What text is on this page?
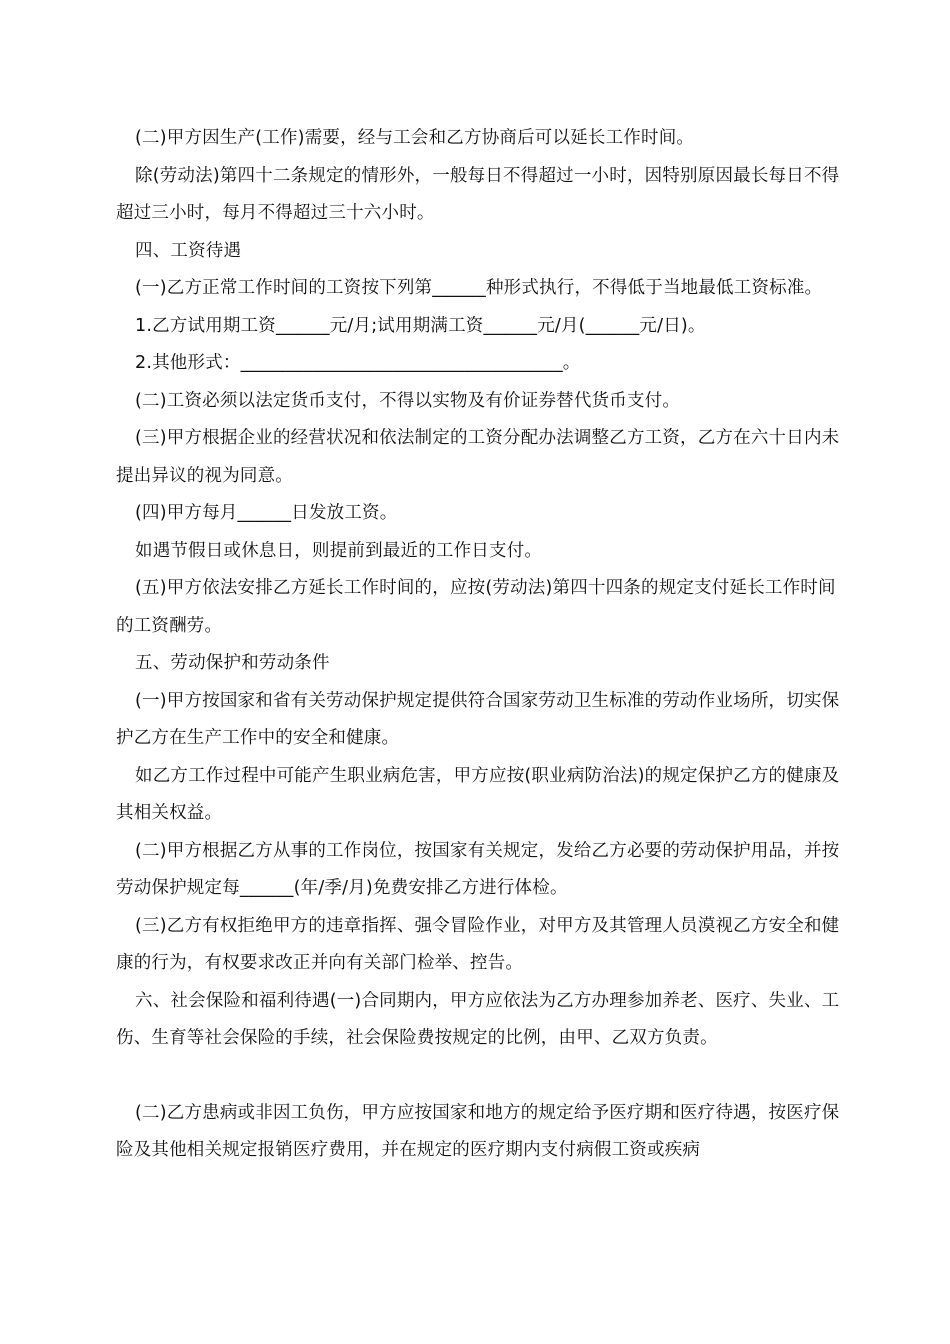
(二)甲方因生产(工作)需要，经与工会和乙方协商后可以延长工作时间。

除(劳动法)第四十二条规定的情形外，一般每日不得超过一小时，因特别原因最长每日不得超过三小时，每月不得超过三十六小时。

四、工资待遇

(一)乙方正常工作时间的工资按下列第______种形式执行，不得低于当地最低工资标准。

1.乙方试用期工资______元/月;试用期满工资______元/月(______元/日)。

2.其他形式：____________________________________。

(二)工资必须以法定货币支付，不得以实物及有价证券替代货币支付。

(三)甲方根据企业的经营状况和依法制定的工资分配办法调整乙方工资，乙方在六十日内未提出异议的视为同意。

(四)甲方每月______日发放工资。

如遇节假日或休息日，则提前到最近的工作日支付。

(五)甲方依法安排乙方延长工作时间的，应按(劳动法)第四十四条的规定支付延长工作时间的工资酬劳。

五、劳动保护和劳动条件

(一)甲方按国家和省有关劳动保护规定提供符合国家劳动卫生标准的劳动作业场所，切实保护乙方在生产工作中的安全和健康。

如乙方工作过程中可能产生职业病危害，甲方应按(职业病防治法)的规定保护乙方的健康及其相关权益。

(二)甲方根据乙方从事的工作岗位，按国家有关规定，发给乙方必要的劳动保护用品，并按劳动保护规定每______(年/季/月)免费安排乙方进行体检。

(三)乙方有权拒绝甲方的违章指挥、强令冒险作业，对甲方及其管理人员漠视乙方安全和健康的行为，有权要求改正并向有关部门检举、控告。

六、社会保险和福利待遇(一)合同期内，甲方应依法为乙方办理参加养老、医疗、失业、工伤、生育等社会保险的手续，社会保险费按规定的比例，由甲、乙双方负责。

(二)乙方患病或非因工负伤，甲方应按国家和地方的规定给予医疗期和医疗待遇，按医疗保险及其他相关规定报销医疗费用，并在规定的医疗期内支付病假工资或疾病
